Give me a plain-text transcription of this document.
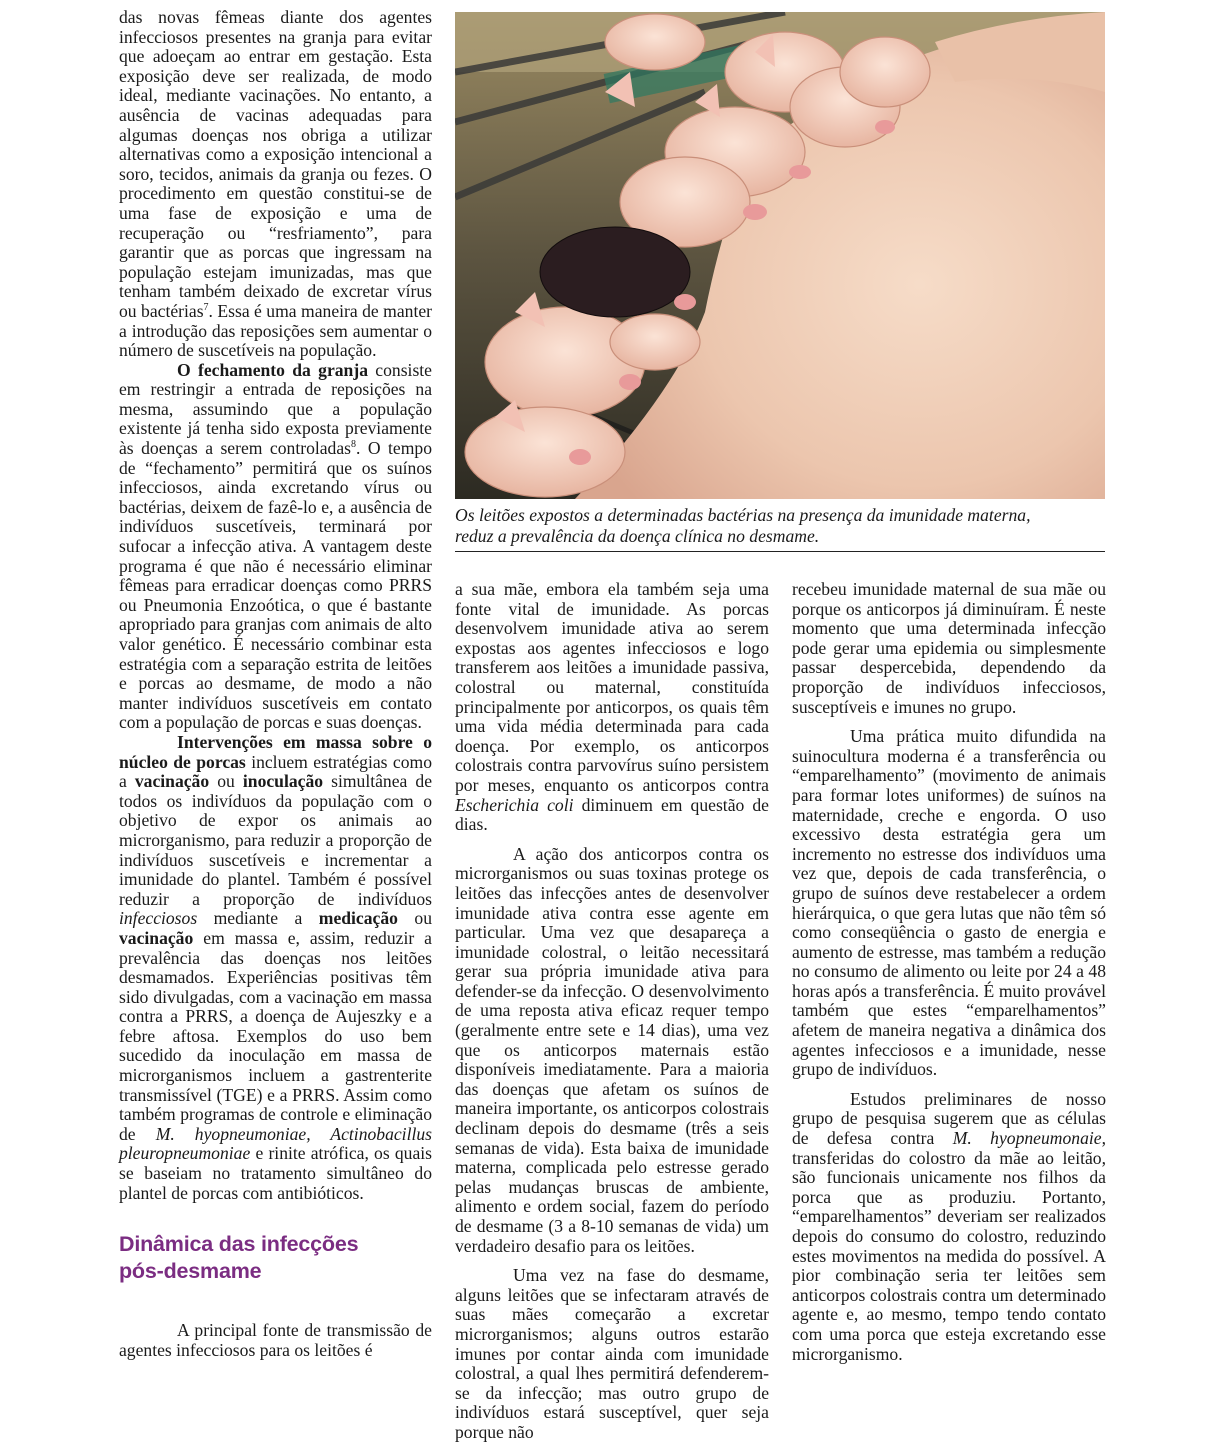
Os leitões expostos a determinadas bactérias na presença da imunidade materna,
reduz a prevalência da doença clínica no desmame.

das novas fêmeas diante dos agentes infecciosos presentes na granja para evitar que adoeçam ao entrar em gestação. Esta exposição deve ser realizada, de modo ideal, mediante vacinações. No entanto, a ausência de vacinas adequadas para algumas doenças nos obriga a utilizar alternativas como a exposição intencional a soro, tecidos, animais da granja ou fezes. O procedimento em questão constitui-se de uma fase de exposição e uma de recuperação ou “resfriamento”, para garantir que as porcas que ingressam na população estejam imunizadas, mas que tenham também deixado de excretar vírus ou bactérias$^7$. Essa é uma maneira de manter a introdução das reposições sem aumentar o número de suscetíveis na população.

O fechamento da granja consiste em restringir a entrada de reposições na mesma, assumindo que a população existente já tenha sido exposta previamente às doenças a serem controladas$^8$. O tempo de “fechamento” permitirá que os suínos infecciosos, ainda excretando vírus ou bactérias, deixem de fazê-lo e, a ausência de indivíduos suscetíveis, terminará por sufocar a infecção ativa. A vantagem deste programa é que não é necessário eliminar fêmeas para erradicar doenças como PRRS ou Pneumonia Enzoótica, o que é bastante apropriado para granjas com animais de alto valor genético. É necessário combinar esta estratégia com a separação estrita de leitões e porcas ao desmame, de modo a não manter indivíduos suscetíveis em contato com a população de porcas e suas doenças.

Intervenções em massa sobre o núcleo de porcas incluem estratégias como a vacinação ou inoculação simultânea de todos os indivíduos da população com o objetivo de expor os animais ao microrganismo, para reduzir a proporção de indivíduos suscetíveis e incrementar a imunidade do plantel. Também é possível reduzir a proporção de indivíduos infecciosos mediante a medicação ou vacinação em massa e, assim, reduzir a prevalência das doenças nos leitões desmamados. Experiências positivas têm sido divulgadas, com a vacinação em massa contra a PRRS, a doença de Aujeszky e a febre aftosa. Exemplos do uso bem sucedido da inoculação em massa de microrganismos incluem a gastrenterite transmissível (TGE) e a PRRS. Assim como também programas de controle e eliminação de M. hyopneumoniae, Actinobacillus pleuropneumoniae e rinite atrófica, os quais se baseiam no tratamento simultâneo do plantel de porcas com antibióticos.

Dinâmica das infecções
pós-desmame

A principal fonte de transmissão de agentes infecciosos para os leitões é

a sua mãe, embora ela também seja uma fonte vital de imunidade. As porcas desenvolvem imunidade ativa ao serem expostas aos agentes infecciosos e logo transferem aos leitões a imunidade passiva, colostral ou maternal, constituída principalmente por anticorpos, os quais têm uma vida média determinada para cada doença. Por exemplo, os anticorpos colostrais contra parvovírus suíno persistem por meses, enquanto os anticorpos contra Escherichia coli diminuem em questão de dias.

A ação dos anticorpos contra os microrganismos ou suas toxinas protege os leitões das infecções antes de desenvolver imunidade ativa contra esse agente em particular. Uma vez que desapareça a imunidade colostral, o leitão necessitará gerar sua própria imunidade ativa para defender-se da infecção. O desenvolvimento de uma reposta ativa eficaz requer tempo (geralmente entre sete e 14 dias), uma vez que os anticorpos maternais estão disponíveis imediatamente. Para a maioria das doenças que afetam os suínos de maneira importante, os anticorpos colostrais declinam depois do desmame (três a seis semanas de vida). Esta baixa de imunidade materna, complicada pelo estresse gerado pelas mudanças bruscas de ambiente, alimento e ordem social, fazem do período de desmame (3 a 8-10 semanas de vida) um verdadeiro desafio para os leitões.

Uma vez na fase do desmame, alguns leitões que se infectaram através de suas mães começarão a excretar microrganismos; alguns outros estarão imunes por contar ainda com imunidade colostral, a qual lhes permitirá defenderem-se da infecção; mas outro grupo de indivíduos estará susceptível, quer seja porque não

recebeu imunidade maternal de sua mãe ou porque os anticorpos já diminuíram. É neste momento que uma determinada infecção pode gerar uma epidemia ou simplesmente passar despercebida, dependendo da proporção de indivíduos infecciosos, susceptíveis e imunes no grupo.

Uma prática muito difundida na suinocultura moderna é a transferência ou “emparelhamento” (movimento de animais para formar lotes uniformes) de suínos na maternidade, creche e engorda. O uso excessivo desta estratégia gera um incremento no estresse dos indivíduos uma vez que, depois de cada transferência, o grupo de suínos deve restabelecer a ordem hierárquica, o que gera lutas que não têm só como conseqüência o gasto de energia e aumento de estresse, mas também a redução no consumo de alimento ou leite por 24 a 48 horas após a transferência. É muito provável também que estes “emparelhamentos” afetem de maneira negativa a dinâmica dos agentes infecciosos e a imunidade, nesse grupo de indivíduos.

Estudos preliminares de nosso grupo de pesquisa sugerem que as células de defesa contra M. hyopneumonaie, transferidas do colostro da mãe ao leitão, são funcionais unicamente nos filhos da porca que as produziu. Portanto, “emparelhamentos” deveriam ser realizados depois do consumo do colostro, reduzindo estes movimentos na medida do possível. A pior combinação seria ter leitões sem anticorpos colostrais contra um determinado agente e, ao mesmo, tempo tendo contato com uma porca que esteja excretando esse microrganismo.
